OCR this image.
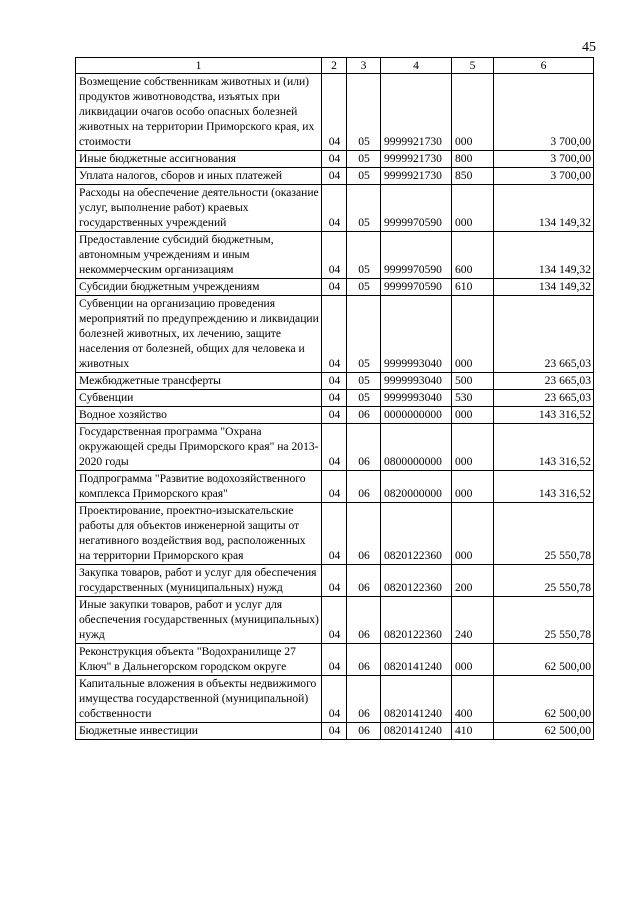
45
1	2	3	4	5	6
Возмещение собственникам животных и (или) продуктов животноводства, изъятых при ликвидации очагов особо опасных болезней животных на территории Приморского края, их стоимости	04	05	9999921730	000	3 700,00
Иные бюджетные ассигнования	04	05	9999921730	800	3 700,00
Уплата налогов, сборов и иных платежей	04	05	9999921730	850	3 700,00
Расходы на обеспечение деятельности (оказание услуг, выполнение работ) краевых государственных учреждений	04	05	9999970590	000	134 149,32
Предоставление субсидий бюджетным, автономным учреждениям и иным некоммерческим организациям	04	05	9999970590	600	134 149,32
Субсидии бюджетным учреждениям	04	05	9999970590	610	134 149,32
Субвенции на организацию проведения мероприятий по предупреждению и ликвидации болезней животных, их лечению, защите населения от болезней, общих для человека и животных	04	05	9999993040	000	23 665,03
Межбюджетные трансферты	04	05	9999993040	500	23 665,03
Субвенции	04	05	9999993040	530	23 665,03
Водное хозяйство	04	06	0000000000	000	143 316,52
Государственная программа "Охрана окружающей среды Приморского края" на 2013-2020 годы	04	06	0800000000	000	143 316,52
Подпрограмма "Развитие водохозяйственного комплекса Приморского края"	04	06	0820000000	000	143 316,52
Проектирование, проектно-изыскательские работы для объектов инженерной защиты от негативного воздействия вод, расположенных на территории Приморского края	04	06	0820122360	000	25 550,78
Закупка товаров, работ и услуг для обеспечения государственных (муниципальных) нужд	04	06	0820122360	200	25 550,78
Иные закупки товаров, работ и услуг для обеспечения государственных (муниципальных) нужд	04	06	0820122360	240	25 550,78
Реконструкция объекта "Водохранилище 27 Ключ" в Дальнегорском городском округе	04	06	0820141240	000	62 500,00
Капитальные вложения в объекты недвижимого имущества государственной (муниципальной) собственности	04	06	0820141240	400	62 500,00
Бюджетные инвестиции	04	06	0820141240	410	62 500,00
